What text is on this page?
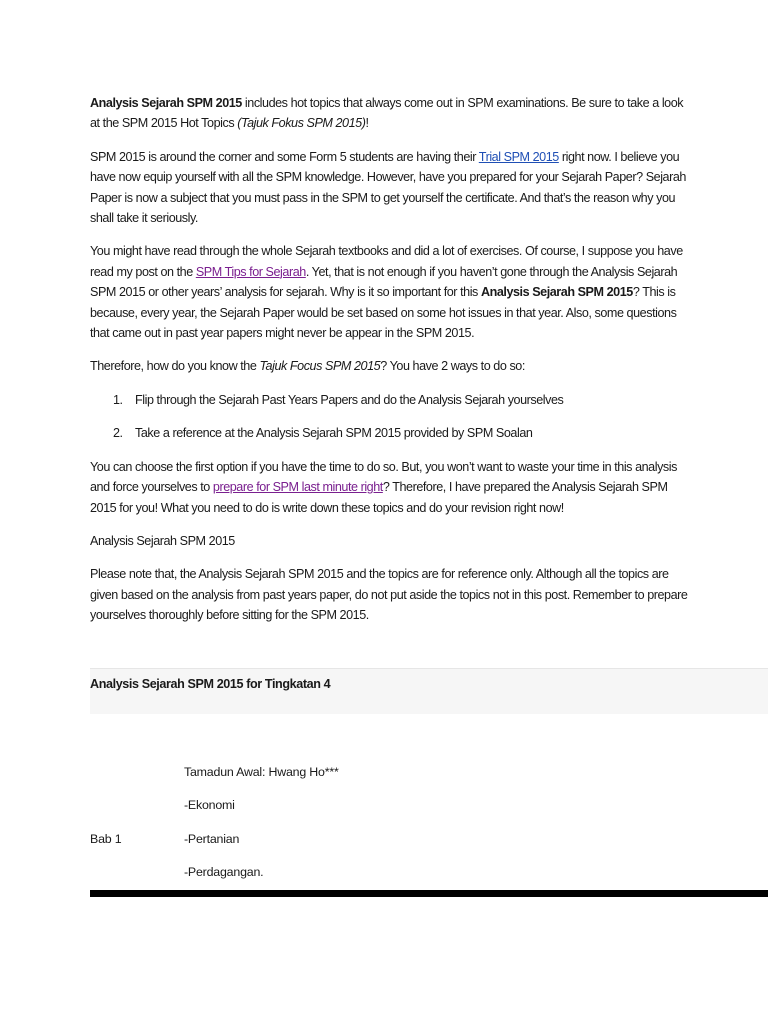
Analysis Sejarah SPM 2015 includes hot topics that always come out in SPM examinations. Be sure to take a look at the SPM 2015 Hot Topics (Tajuk Fokus SPM 2015)!

SPM 2015 is around the corner and some Form 5 students are having their Trial SPM 2015 right now. I believe you have now equip yourself with all the SPM knowledge. However, have you prepared for your Sejarah Paper? Sejarah Paper is now a subject that you must pass in the SPM to get yourself the certificate. And that’s the reason why you shall take it seriously.

You might have read through the whole Sejarah textbooks and did a lot of exercises. Of course, I suppose you have read my post on the SPM Tips for Sejarah. Yet, that is not enough if you haven’t gone through the Analysis Sejarah SPM 2015 or other years’ analysis for sejarah. Why is it so important for this Analysis Sejarah SPM 2015? This is because, every year, the Sejarah Paper would be set based on some hot issues in that year. Also, some questions that came out in past year papers might never be appear in the SPM 2015.

Therefore, how do you know the Tajuk Focus SPM 2015? You have 2 ways to do so:

1. Flip through the Sejarah Past Years Papers and do the Analysis Sejarah yourselves
2. Take a reference at the Analysis Sejarah SPM 2015 provided by SPM Soalan

You can choose the first option if you have the time to do so. But, you won’t want to waste your time in this analysis and force yourselves to prepare for SPM last minute right? Therefore, I have prepared the Analysis Sejarah SPM 2015 for you! What you need to do is write down these topics and do your revision right now!

Analysis Sejarah SPM 2015

Please note that, the Analysis Sejarah SPM 2015 and the topics are for reference only. Although all the topics are given based on the analysis from past years paper, do not put aside the topics not in this post. Remember to prepare yourselves thoroughly before sitting for the SPM 2015.

Analysis Sejarah SPM 2015 for Tingkatan 4
Bab 1
Tamadun Awal: Hwang Ho***
-Ekonomi
-Pertanian
-Perdagangan.
